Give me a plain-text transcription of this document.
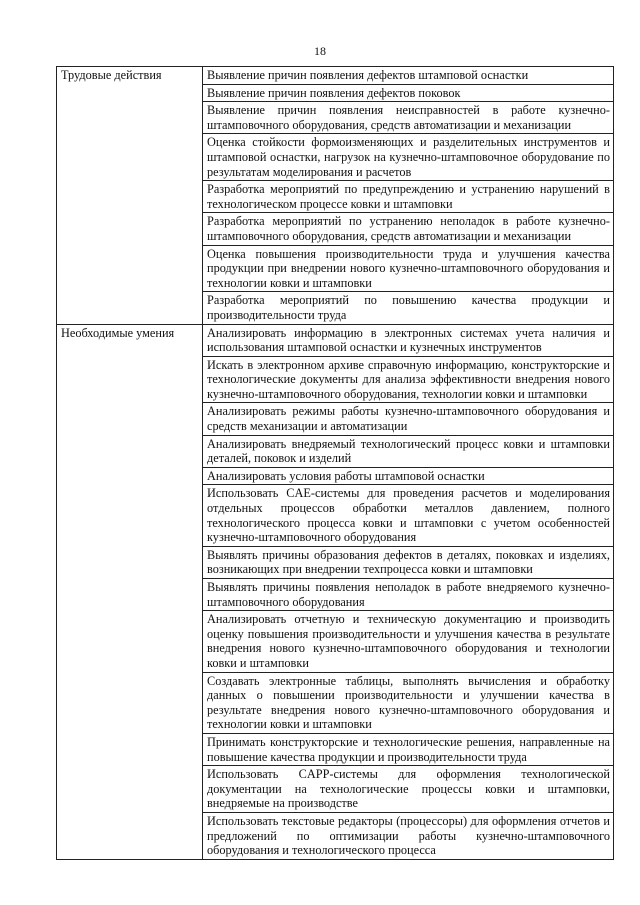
18
Трудовые действия	Выявление причин появления дефектов штамповой оснастки
	Выявление причин появления дефектов поковок
	Выявление причин появления неисправностей в работе кузнечно-штамповочного оборудования, средств автоматизации и механизации
	Оценка стойкости формоизменяющих и разделительных инструментов и штамповой оснастки, нагрузок на кузнечно-штамповочное оборудование по результатам моделирования и расчетов
	Разработка мероприятий по предупреждению и устранению нарушений в технологическом процессе ковки и штамповки
	Разработка мероприятий по устранению неполадок в работе кузнечно-штамповочного оборудования, средств автоматизации и механизации
	Оценка повышения производительности труда и улучшения качества продукции при внедрении нового кузнечно-штамповочного оборудования и технологии ковки и штамповки
	Разработка мероприятий по повышению качества продукции и производительности труда
Необходимые умения	Анализировать информацию в электронных системах учета наличия и использования штамповой оснастки и кузнечных инструментов
	Искать в электронном архиве справочную информацию, конструкторские и технологические документы для анализа эффективности внедрения нового кузнечно-штамповочного оборудования, технологии ковки и штамповки
	Анализировать режимы работы кузнечно-штамповочного оборудования и средств механизации и автоматизации
	Анализировать внедряемый технологический процесс ковки и штамповки деталей, поковок и изделий
	Анализировать условия работы штамповой оснастки
	Использовать CAE-системы для проведения расчетов и моделирования отдельных процессов обработки металлов давлением, полного технологического процесса ковки и штамповки с учетом особенностей кузнечно-штамповочного оборудования
	Выявлять причины образования дефектов в деталях, поковках и изделиях, возникающих при внедрении техпроцесса ковки и штамповки
	Выявлять причины появления неполадок в работе внедряемого кузнечно-штамповочного оборудования
	Анализировать отчетную и техническую документацию и производить оценку повышения производительности и улучшения качества в результате внедрения нового кузнечно-штамповочного оборудования и технологии ковки и штамповки
	Создавать электронные таблицы, выполнять вычисления и обработку данных о повышении производительности и улучшении качества в результате внедрения нового кузнечно-штамповочного оборудования и технологии ковки и штамповки
	Принимать конструкторские и технологические решения, направленные на повышение качества продукции и производительности труда
	Использовать CAPP-системы для оформления технологической документации на технологические процессы ковки и штамповки, внедряемые на производстве
	Использовать текстовые редакторы (процессоры) для оформления отчетов и предложений по оптимизации работы кузнечно-штамповочного оборудования и технологического процесса
